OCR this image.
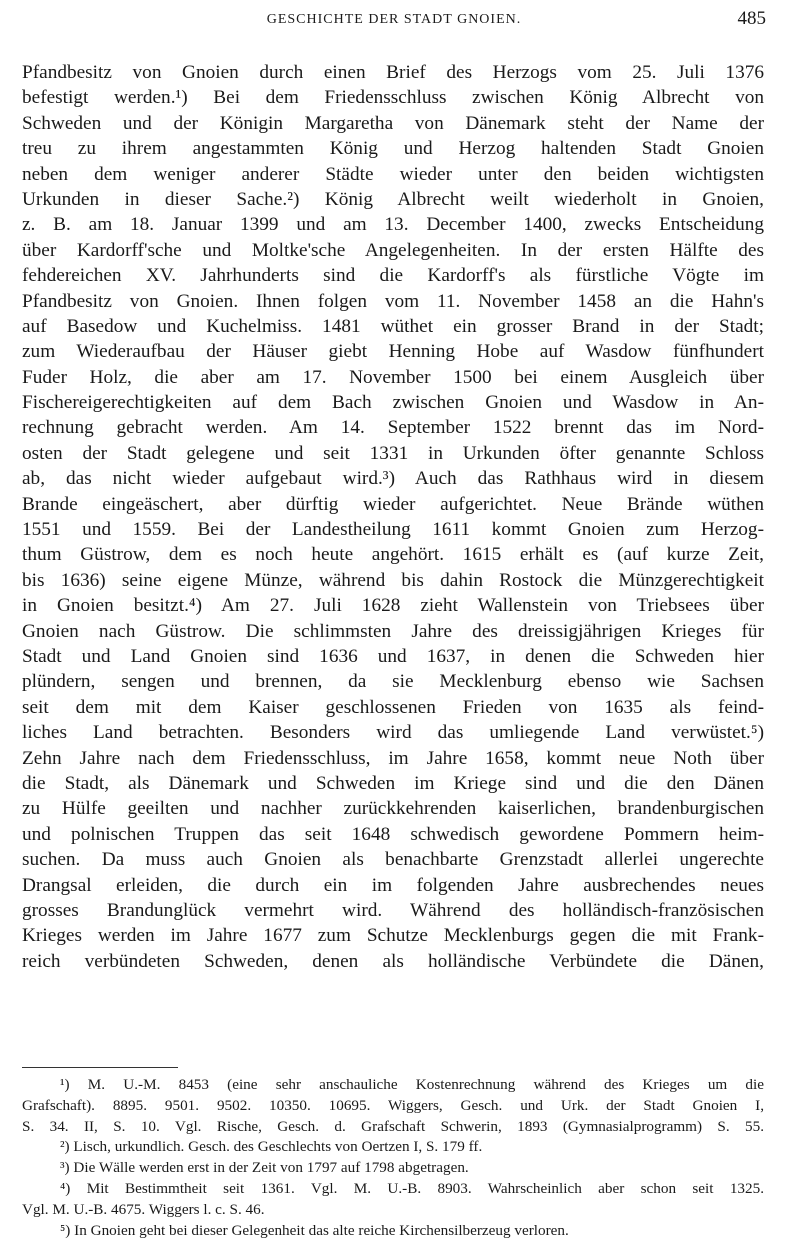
GESCHICHTE DER STADT GNOIEN.	485
Pfandbesitz von Gnoien durch einen Brief des Herzogs vom 25. Juli 1376
befestigt werden.¹) Bei dem Friedensschluss zwischen König Albrecht von
Schweden und der Königin Margaretha von Dänemark steht der Name der
treu zu ihrem angestammten König und Herzog haltenden Stadt Gnoien
neben dem weniger anderer Städte wieder unter den beiden wichtigsten
Urkunden in dieser Sache.²) König Albrecht weilt wiederholt in Gnoien,
z. B. am 18. Januar 1399 und am 13. December 1400, zwecks Entscheidung
über Kardorff'sche und Moltke'sche Angelegenheiten. In der ersten Hälfte des
fehdereichen XV. Jahrhunderts sind die Kardorff's als fürstliche Vögte im
Pfandbesitz von Gnoien. Ihnen folgen vom 11. November 1458 an die Hahn's
auf Basedow und Kuchelmiss. 1481 wüthet ein grosser Brand in der Stadt;
zum Wiederaufbau der Häuser giebt Henning Hobe auf Wasdow fünfhundert
Fuder Holz, die aber am 17. November 1500 bei einem Ausgleich über
Fischereigerechtigkeiten auf dem Bach zwischen Gnoien und Wasdow in An-
rechnung gebracht werden. Am 14. September 1522 brennt das im Nord-
osten der Stadt gelegene und seit 1331 in Urkunden öfter genannte Schloss
ab, das nicht wieder aufgebaut wird.³) Auch das Rathhaus wird in diesem
Brande eingeäschert, aber dürftig wieder aufgerichtet. Neue Brände wüthen
1551 und 1559. Bei der Landestheilung 1611 kommt Gnoien zum Herzog-
thum Güstrow, dem es noch heute angehört. 1615 erhält es (auf kurze Zeit,
bis 1636) seine eigene Münze, während bis dahin Rostock die Münzgerechtigkeit
in Gnoien besitzt.⁴) Am 27. Juli 1628 zieht Wallenstein von Triebsees über
Gnoien nach Güstrow. Die schlimmsten Jahre des dreissigjährigen Krieges für
Stadt und Land Gnoien sind 1636 und 1637, in denen die Schweden hier
plündern, sengen und brennen, da sie Mecklenburg ebenso wie Sachsen
seit dem mit dem Kaiser geschlossenen Frieden von 1635 als feind-
liches Land betrachten. Besonders wird das umliegende Land verwüstet.⁵)
Zehn Jahre nach dem Friedensschluss, im Jahre 1658, kommt neue Noth über
die Stadt, als Dänemark und Schweden im Kriege sind und die den Dänen
zu Hülfe geeilten und nachher zurückkehrenden kaiserlichen, brandenburgischen
und polnischen Truppen das seit 1648 schwedisch gewordene Pommern heim-
suchen. Da muss auch Gnoien als benachbarte Grenzstadt allerlei ungerechte
Drangsal erleiden, die durch ein im folgenden Jahre ausbrechendes neues
grosses Brandunglück vermehrt wird. Während des holländisch-französischen
Krieges werden im Jahre 1677 zum Schutze Mecklenburgs gegen die mit Frank-
reich verbündeten Schweden, denen als holländische Verbündete die Dänen,
¹) M. U.-M. 8453 (eine sehr anschauliche Kostenrechnung während des Krieges um die
Grafschaft). 8895. 9501. 9502. 10350. 10695. Wiggers, Gesch. und Urk. der Stadt Gnoien I,
S. 34. II, S. 10. Vgl. Rische, Gesch. d. Grafschaft Schwerin, 1893 (Gymnasialprogramm) S. 55.
²) Lisch, urkundlich. Gesch. des Geschlechts von Oertzen I, S. 179 ff.
³) Die Wälle werden erst in der Zeit von 1797 auf 1798 abgetragen.
⁴) Mit Bestimmtheit seit 1361. Vgl. M. U.-B. 8903. Wahrscheinlich aber schon seit 1325.
Vgl. M. U.-B. 4675. Wiggers l. c. S. 46.
⁵) In Gnoien geht bei dieser Gelegenheit das alte reiche Kirchensilberzeug verloren.
